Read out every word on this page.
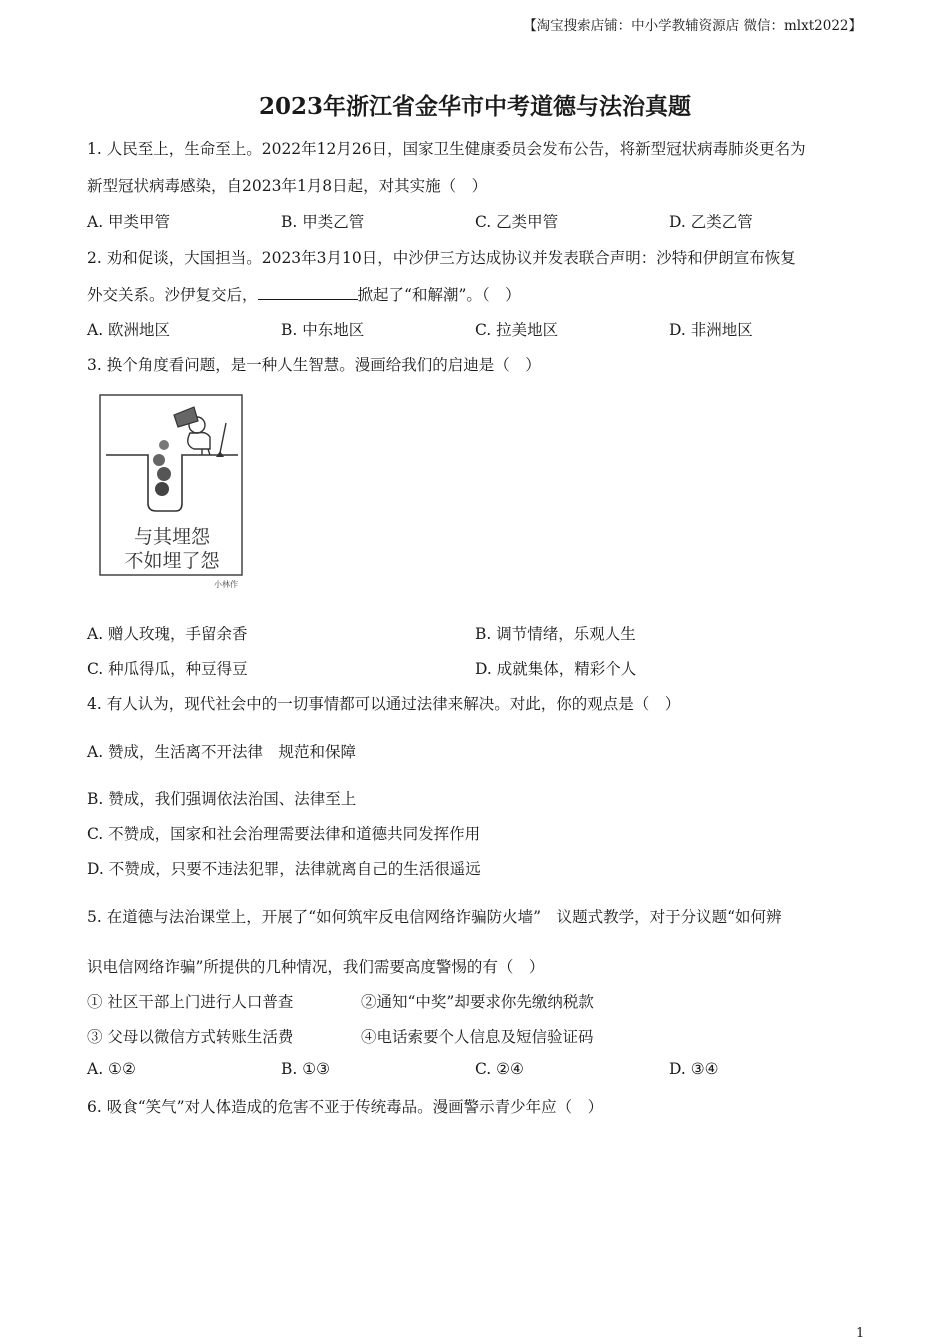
【淘宝搜索店铺：中小学教辅资源店 微信：mlxt2022】
2023年浙江省金华市中考道德与法治真题
1. 人民至上，生命至上。2022年12月26日，国家卫生健康委员会发布公告，将新型冠状病毒肺炎更名为
新型冠状病毒感染，自2023年1月8日起，对其实施（　）
A. 甲类甲管	B. 甲类乙管	C. 乙类甲管	D. 乙类乙管
2. 劝和促谈，大国担当。2023年3月10日，中沙伊三方达成协议并发表联合声明：沙特和伊朗宣布恢复
外交关系。沙伊复交后，	掀起了“和解潮”。（　）
A. 欧洲地区	B. 中东地区	C. 拉美地区	D. 非洲地区
3. 换个角度看问题，是一种人生智慧。漫画给我们的启迪是（　）
与其埋怨
不如埋了怨
小林作
A. 赠人玫瑰，手留余香	B. 调节情绪，乐观人生
C. 种瓜得瓜，种豆得豆	D. 成就集体，精彩个人
4. 有人认为，现代社会中的一切事情都可以通过法律来解决。对此，你的观点是（　）
A. 赞成，生活离不开法律　规范和保障
B. 赞成，我们强调依法治国、法律至上
C. 不赞成，国家和社会治理需要法律和道德共同发挥作用
D. 不赞成，只要不违法犯罪，法律就离自己的生活很遥远
5. 在道德与法治课堂上，开展了“如何筑牢反电信网络诈骗防火墙”　议题式教学，对于分议题“如何辨
识电信网络诈骗”所提供的几种情况，我们需要高度警惕的有（　）
① 社区干部上门进行人口普查	②通知“中奖”却要求你先缴纳税款
③ 父母以微信方式转账生活费	④电话索要个人信息及短信验证码
A. ①②	B. ①③	C. ②④	D. ③④
6. 吸食“笑气”对人体造成的危害不亚于传统毒品。漫画警示青少年应（　）
1
